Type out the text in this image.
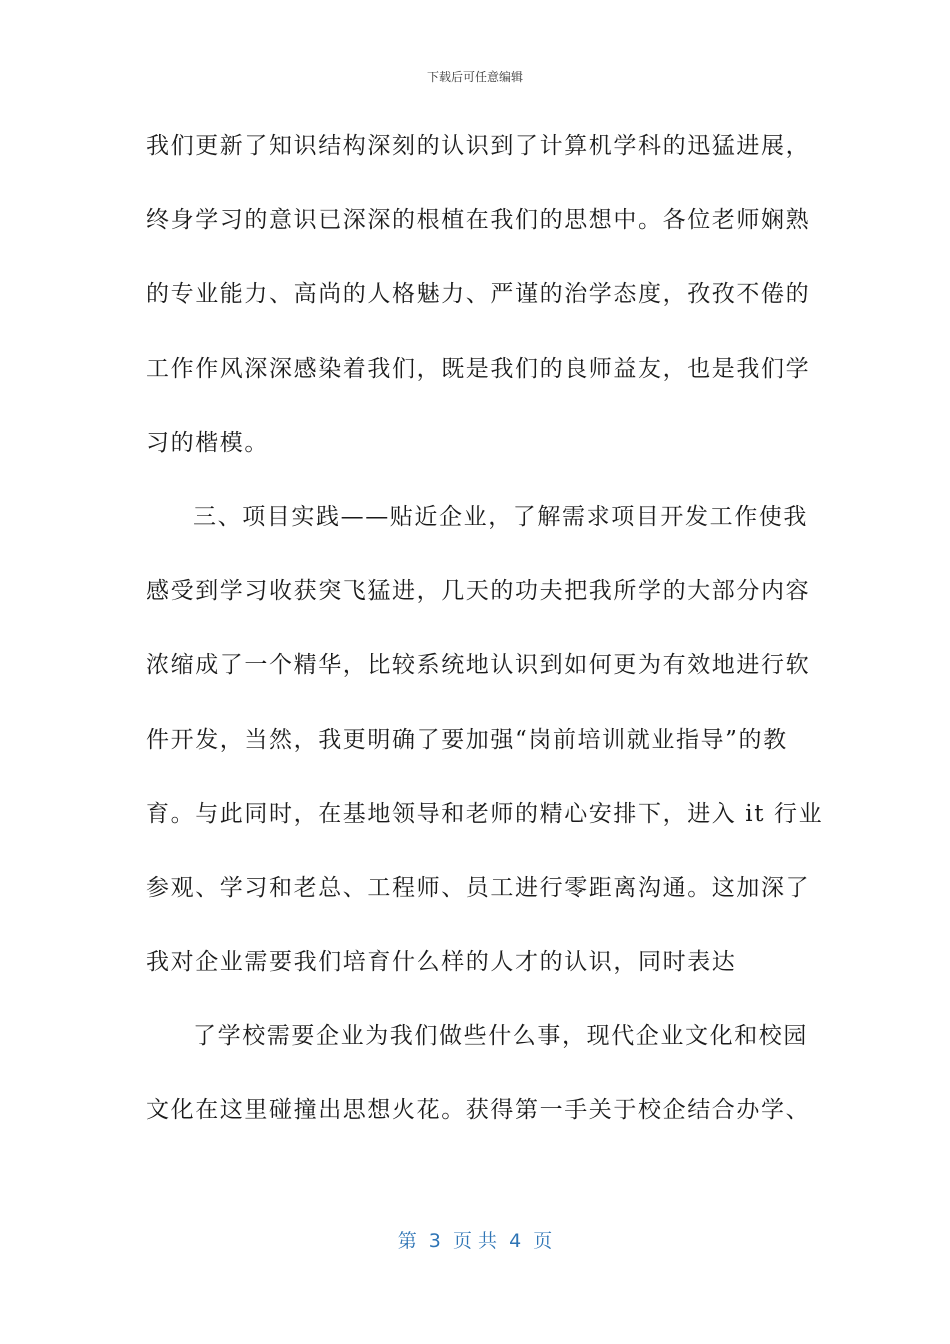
下载后可任意编辑
我们更新了知识结构深刻的认识到了计算机学科的迅猛进展，
终身学习的意识已深深的根植在我们的思想中。各位老师娴熟
的专业能力、高尚的人格魅力、严谨的治学态度，孜孜不倦的
工作作风深深感染着我们，既是我们的良师益友，也是我们学
习的楷模。
三、项目实践——贴近企业，了解需求项目开发工作使我
感受到学习收获突飞猛进，几天的功夫把我所学的大部分内容
浓缩成了一个精华，比较系统地认识到如何更为有效地进行软
件开发，当然，我更明确了要加强“岗前培训就业指导”的教
育。与此同时，在基地领导和老师的精心安排下，进入 it 行业
参观、学习和老总、工程师、员工进行零距离沟通。这加深了
我对企业需要我们培育什么样的人才的认识，同时表达
了学校需要企业为我们做些什么事，现代企业文化和校园
文化在这里碰撞出思想火花。获得第一手关于校企结合办学、
第  3  页 共  4  页
